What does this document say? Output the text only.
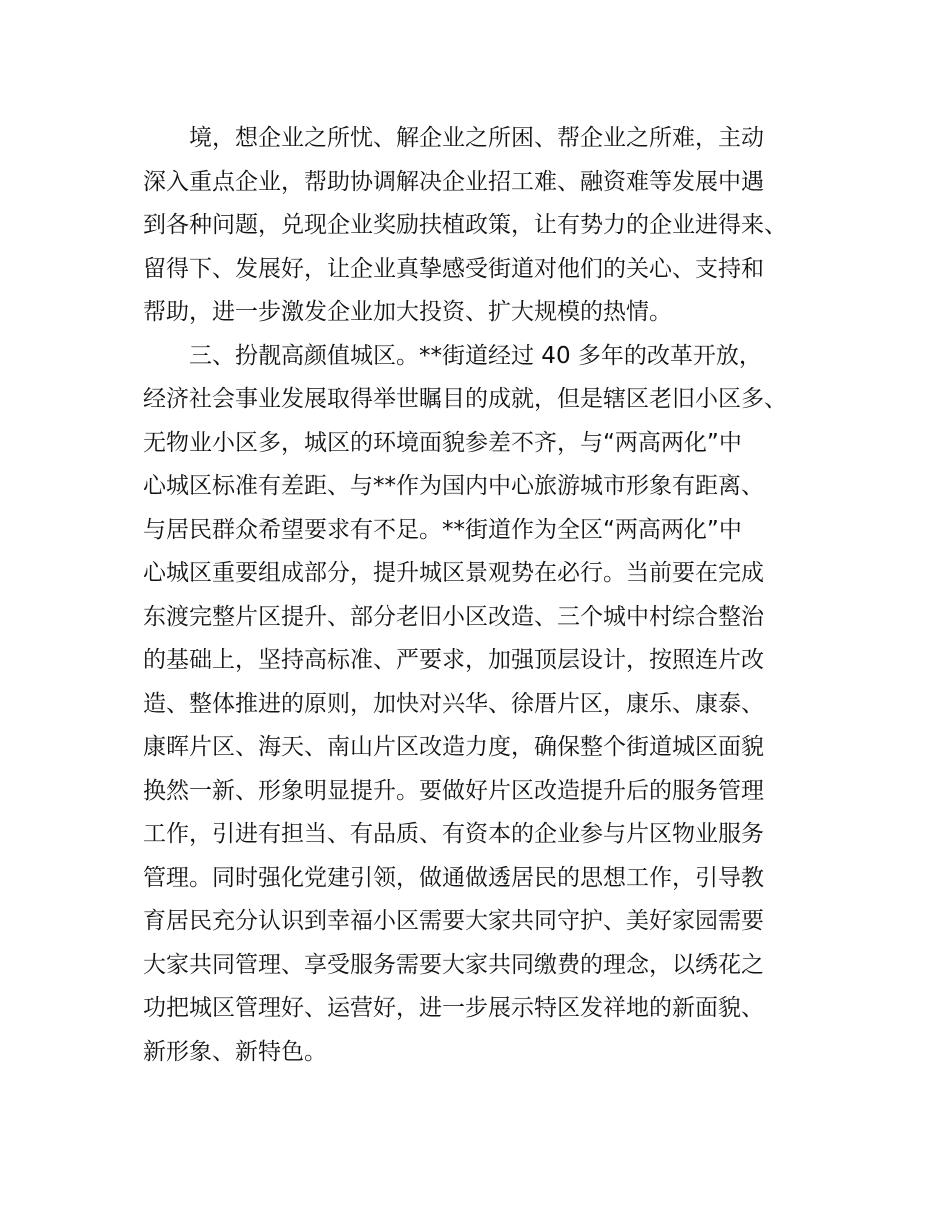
境，想企业之所忧、解企业之所困、帮企业之所难，主动
深入重点企业，帮助协调解决企业招工难、融资难等发展中遇
到各种问题，兑现企业奖励扶植政策，让有势力的企业进得来、
留得下、发展好，让企业真挚感受街道对他们的关心、支持和
帮助，进一步激发企业加大投资、扩大规模的热情。
三、扮靓高颜值城区。**街道经过 40 多年的改革开放，
经济社会事业发展取得举世瞩目的成就，但是辖区老旧小区多、
无物业小区多，城区的环境面貌参差不齐，与“两高两化”中
心城区标准有差距、与**作为国内中心旅游城市形象有距离、
与居民群众希望要求有不足。**街道作为全区“两高两化”中
心城区重要组成部分，提升城区景观势在必行。当前要在完成
东渡完整片区提升、部分老旧小区改造、三个城中村综合整治
的基础上，坚持高标准、严要求，加强顶层设计，按照连片改
造、整体推进的原则，加快对兴华、徐厝片区，康乐、康泰、
康晖片区、海天、南山片区改造力度，确保整个街道城区面貌
换然一新、形象明显提升。要做好片区改造提升后的服务管理
工作，引进有担当、有品质、有资本的企业参与片区物业服务
管理。同时强化党建引领，做通做透居民的思想工作，引导教
育居民充分认识到幸福小区需要大家共同守护、美好家园需要
大家共同管理、享受服务需要大家共同缴费的理念，以绣花之
功把城区管理好、运营好，进一步展示特区发祥地的新面貌、
新形象、新特色。
